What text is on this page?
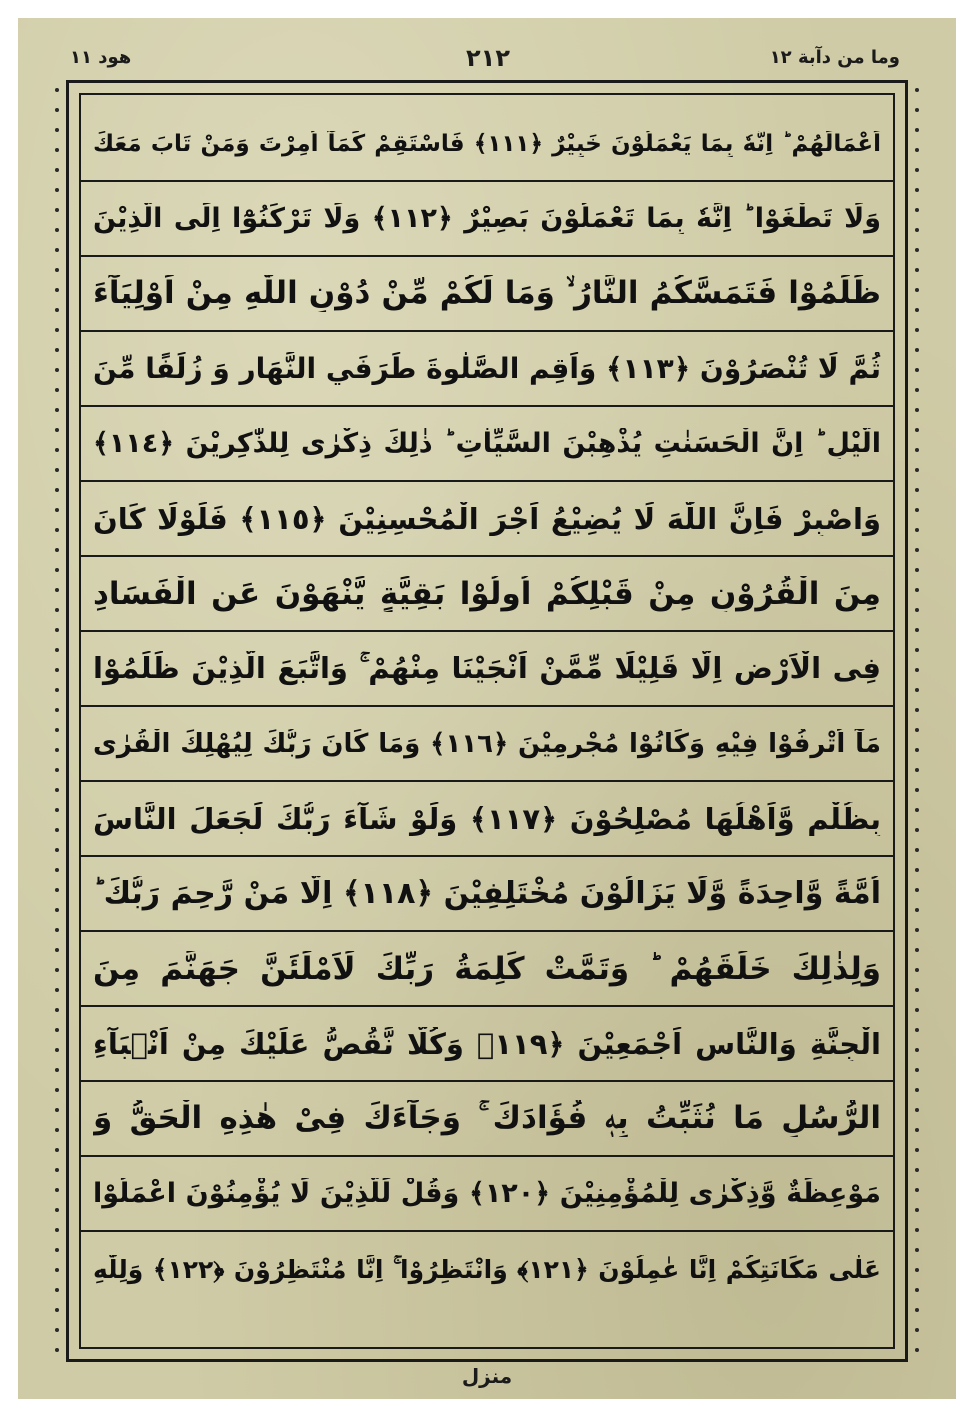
هود ١١	٢١٢	وما من دآبة ١٢
اَعْمَالَهُمْ ؕ اِنَّهٗ بِمَا يَعْمَلُوْنَ خَبِيْرٌ ﴿١١١﴾ فَاسْتَقِمْ كَمَآ اُمِرْتَ وَمَنْ تَابَ مَعَكَ
وَلَا تَطْغَوْا ؕ اِنَّهٗ بِمَا تَعْمَلُوْنَ بَصِيْرٌ ﴿١١٢﴾ وَلَا تَرْكَنُوْٓا اِلَى الَّذِيْنَ
ظَلَمُوْا فَتَمَسَّكُمُ النَّارُ ۙ وَمَا لَكُمْ مِّنْ دُوْنِ اللّٰهِ مِنْ اَوْلِيَآءَ
ثُمَّ لَا تُنْصَرُوْنَ ﴿١١٣﴾ وَاَقِمِ الصَّلٰوةَ طَرَفَيِ النَّهَارِ وَ زُلَفًا مِّنَ
الَّيْلِ ؕ اِنَّ الْحَسَنٰتِ يُذْهِبْنَ السَّيِّاٰتِ ؕ ذٰلِكَ ذِكْرٰى لِلذّٰكِرِيْنَ ﴿١١٤﴾
وَاصْبِرْ فَاِنَّ اللّٰهَ لَا يُضِيْعُ اَجْرَ الْمُحْسِنِيْنَ ﴿١١٥﴾ فَلَوْلَا كَانَ
مِنَ الْقُرُوْنِ مِنْ قَبْلِكُمْ اُولُوْا بَقِيَّةٍ يَّنْهَوْنَ عَنِ الْفَسَادِ
فِى الْاَرْضِ اِلَّا قَلِيْلًا مِّمَّنْ اَنْجَيْنَا مِنْهُمْ ۚ وَاتَّبَعَ الَّذِيْنَ ظَلَمُوْا
مَآ اُتْرِفُوْا فِيْهِ وَكَانُوْا مُجْرِمِيْنَ ﴿١١٦﴾ وَمَا كَانَ رَبُّكَ لِيُهْلِكَ الْقُرٰى
بِظُلْمٍ وَّاَهْلُهَا مُصْلِحُوْنَ ﴿١١٧﴾ وَلَوْ شَآءَ رَبُّكَ لَجَعَلَ النَّاسَ
اُمَّةً وَّاحِدَةً وَّلَا يَزَالُوْنَ مُخْتَلِفِيْنَ ﴿١١٨﴾ اِلَّا مَنْ رَّحِمَ رَبُّكَ ؕ
وَلِذٰلِكَ خَلَقَهُمْ ؕ وَتَمَّتْ كَلِمَةُ رَبِّكَ لَاَمْلَئَنَّ جَهَنَّمَ مِنَ
الْجِنَّةِ وَالنَّاسِ اَجْمَعِيْنَ ﴿١١٩﴾ وَكُلًّا نَّقُصُّ عَلَيْكَ مِنْ اَنْۢبَآءِ
الرُّسُلِ مَا نُثَبِّتُ بِهٖ فُؤَادَكَ ۚ وَجَآءَكَ فِىْ هٰذِهِ الْحَقُّ وَ
مَوْعِظَةٌ وَّذِكْرٰى لِلْمُؤْمِنِيْنَ ﴿١٢٠﴾ وَقُلْ لِّلَّذِيْنَ لَا يُؤْمِنُوْنَ اعْمَلُوْا
عَلٰى مَكَانَتِكُمْ اِنَّا عٰمِلُوْنَ ﴿١٢١﴾ وَانْتَظِرُوْا ۚ اِنَّا مُنْتَظِرُوْنَ ﴿١٢٢﴾ وَلِلّٰهِ
منزل
